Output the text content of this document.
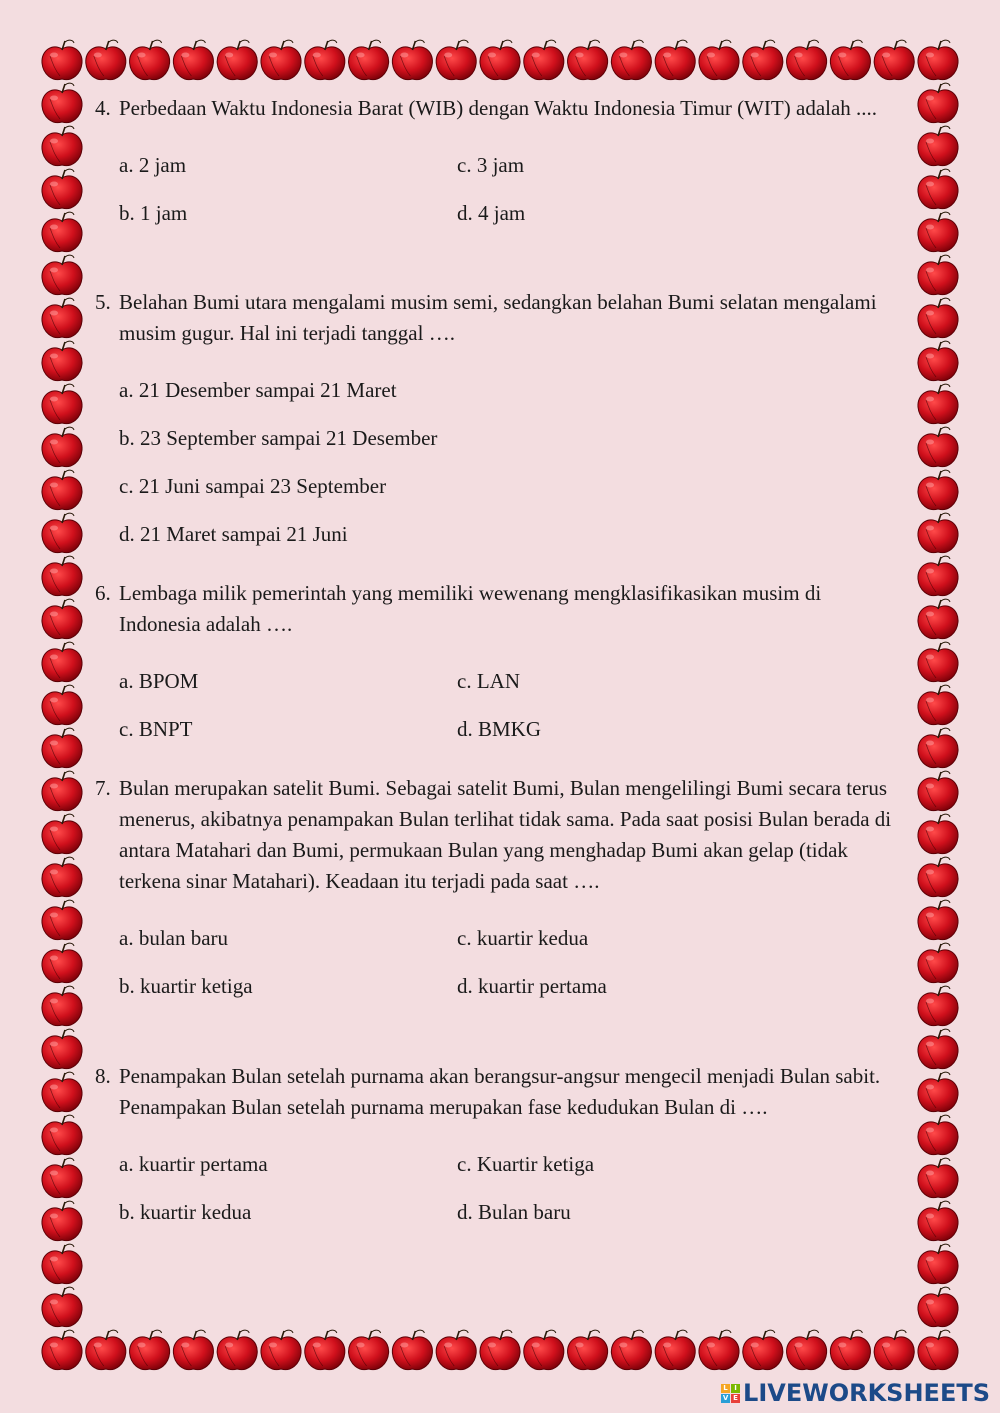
4. Perbedaan Waktu Indonesia Barat (WIB) dengan Waktu Indonesia Timur (WIT) adalah ....
a. 2 jam	c. 3 jam
b. 1 jam	d. 4 jam
5. Belahan Bumi utara mengalami musim semi, sedangkan belahan Bumi selatan mengalami musim gugur. Hal ini terjadi tanggal ….
a. 21 Desember sampai 21 Maret
b. 23 September sampai 21 Desember
c. 21 Juni sampai 23 September
d. 21 Maret sampai 21 Juni
6. Lembaga milik pemerintah yang memiliki wewenang mengklasifikasikan musim di Indonesia adalah ….
a. BPOM	c. LAN
c. BNPT	d. BMKG
7. Bulan merupakan satelit Bumi. Sebagai satelit Bumi, Bulan mengelilingi Bumi secara terus menerus, akibatnya penampakan Bulan terlihat tidak sama. Pada saat posisi Bulan berada di antara Matahari dan Bumi, permukaan Bulan yang menghadap Bumi akan gelap (tidak terkena sinar Matahari). Keadaan itu terjadi pada saat ….
a. bulan baru	c. kuartir kedua
b. kuartir ketiga	d. kuartir pertama
8. Penampakan Bulan setelah purnama akan berangsur-angsur mengecil menjadi Bulan sabit. Penampakan Bulan setelah purnama merupakan fase kedudukan Bulan di ….
a. kuartir pertama	c. Kuartir ketiga
b. kuartir kedua	d. Bulan baru
L I
V E LIVEWORKSHEETS
